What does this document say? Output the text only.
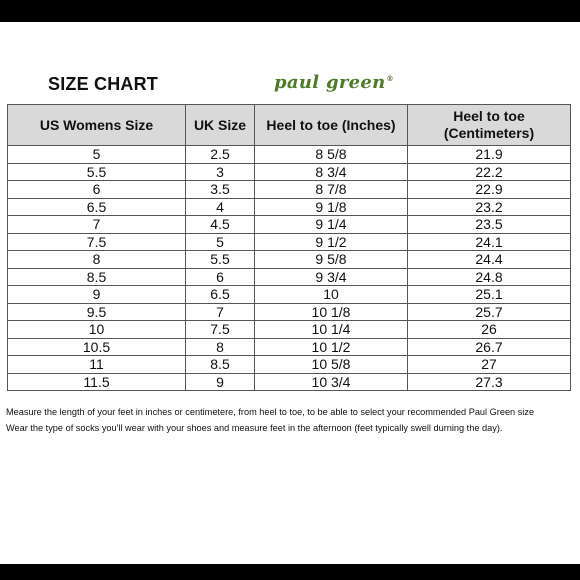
SIZE CHART	paul green®
US Womens Size	UK Size	Heel to toe (Inches)	Heel to toe (Centimeters)
5	2.5	8 5/8	21.9
5.5	3	8 3/4	22.2
6	3.5	8 7/8	22.9
6.5	4	9 1/8	23.2
7	4.5	9 1/4	23.5
7.5	5	9 1/2	24.1
8	5.5	9 5/8	24.4
8.5	6	9 3/4	24.8
9	6.5	10	25.1
9.5	7	10 1/8	25.7
10	7.5	10 1/4	26
10.5	8	10 1/2	26.7
11	8.5	10 5/8	27
11.5	9	10 3/4	27.3
Measure the length of your feet in inches or centimetere, from heel to toe, to be able to select your recommended Paul Green size
Wear the type of socks you'll wear with your shoes and measure feet in the afternoon (feet typically swell durning the day).
